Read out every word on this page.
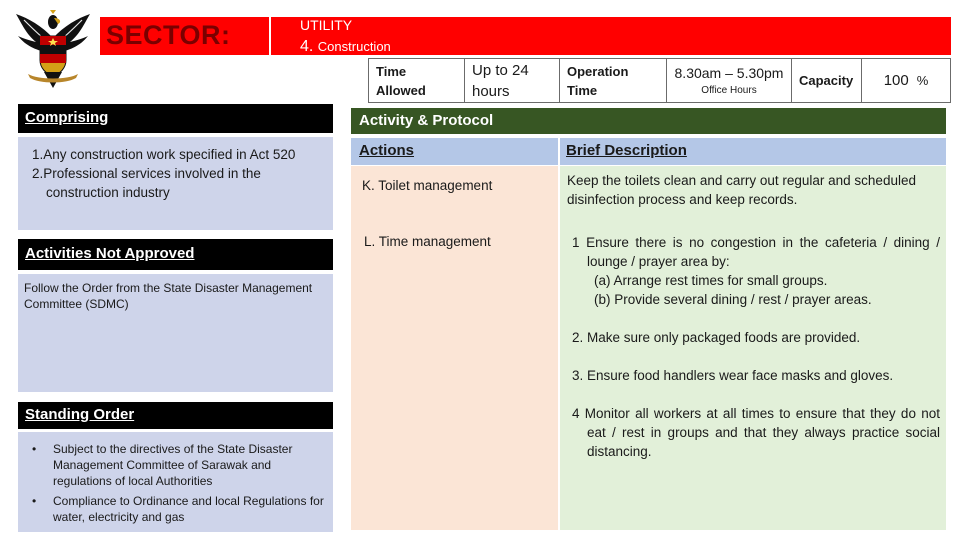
SECTOR:	UTILITY
4. Construction
Time
Allowed
Up to 24
hours
Operation
Time
8.30am – 5.30pm
Office Hours
Capacity 100 %
Comprising
1.Any construction work specified in Act 520
2.Professional services involved in the construction industry
Activities Not Approved
Follow the Order from the State Disaster Management Committee (SDMC)
Standing Order
• Subject to the directives of the State Disaster Management Committee of Sarawak and regulations of local Authorities
• Compliance to Ordinance and local Regulations for water, electricity and gas
Activity & Protocol
Actions	Brief Description
K. Toilet management
L. Time management
Keep the toilets clean and carry out regular and scheduled disinfection process and keep records.

1 Ensure there is no congestion in the cafeteria / dining / lounge / prayer area by:

(a) Arrange rest times for small groups.

(b) Provide several dining / rest / prayer areas.

2. Make sure only packaged foods are provided.

3. Ensure food handlers wear face masks and gloves.

4 Monitor all workers at all times to ensure that they do not eat / rest in groups and that they always practice social distancing.
